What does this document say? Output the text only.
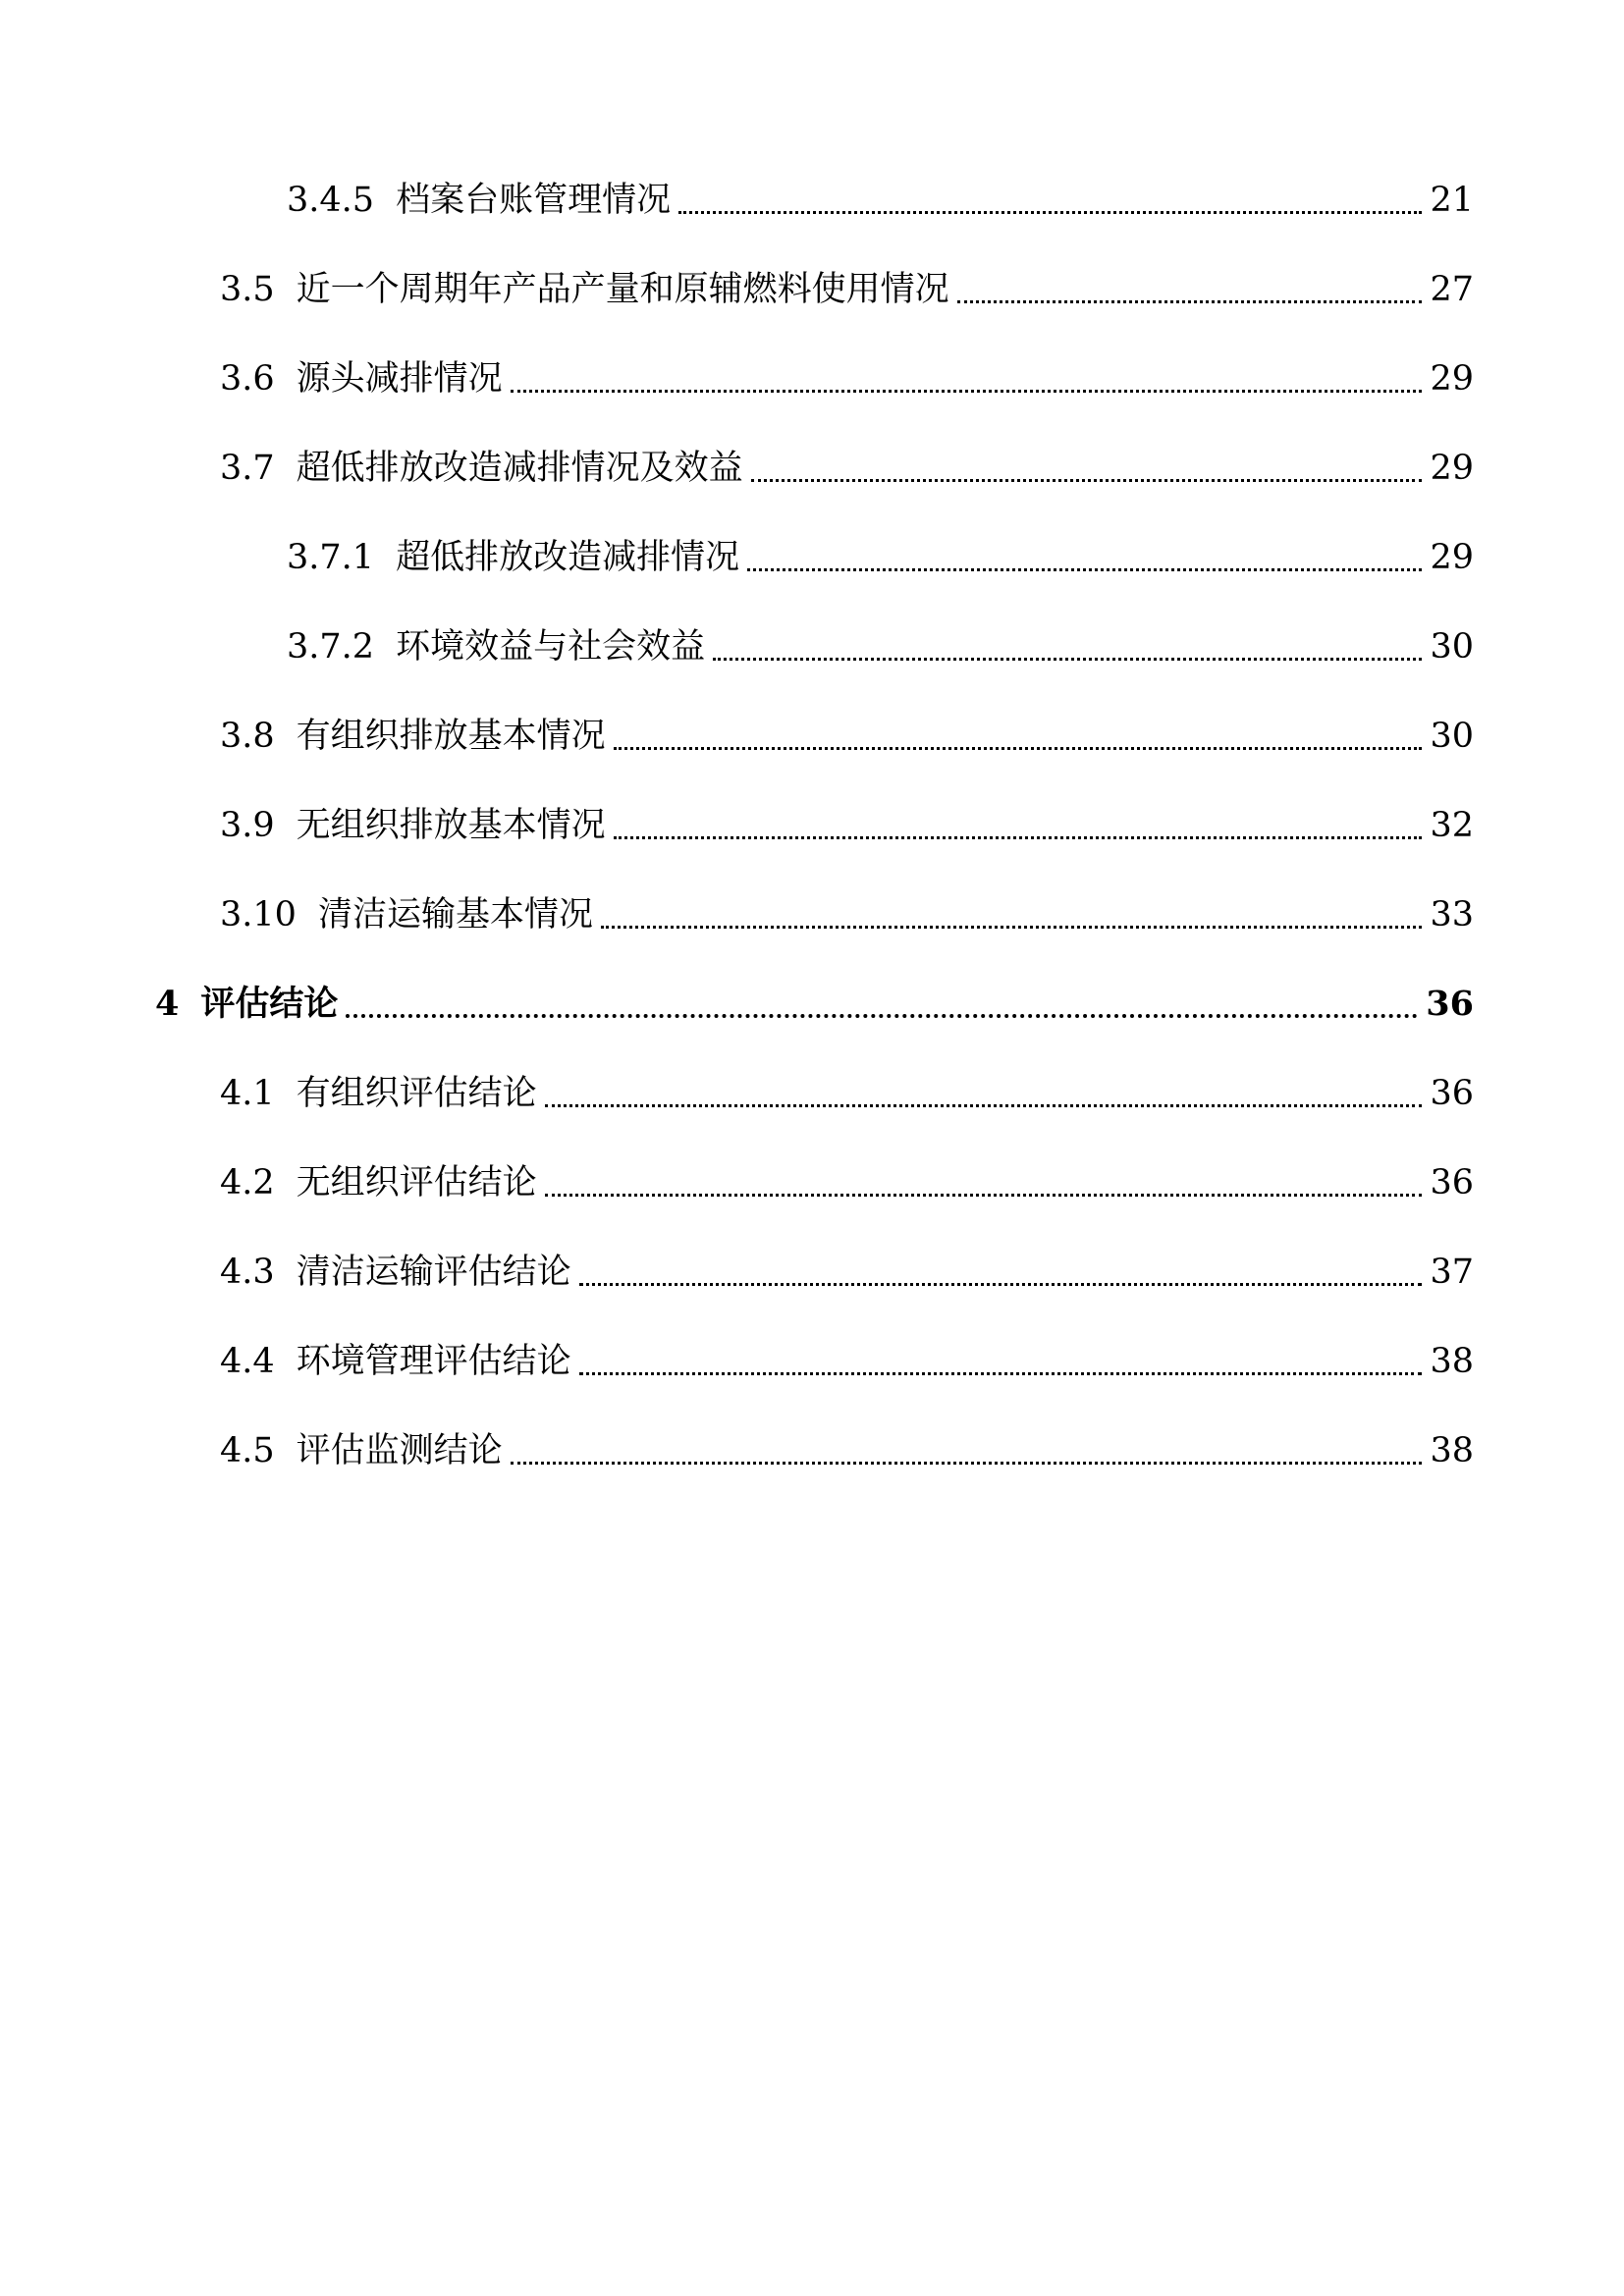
3.4.5 档案台账管理情况	21
3.5 近一个周期年产品产量和原辅燃料使用情况	27
3.6 源头减排情况	29
3.7 超低排放改造减排情况及效益	29
3.7.1 超低排放改造减排情况	29
3.7.2 环境效益与社会效益	30
3.8 有组织排放基本情况	30
3.9 无组织排放基本情况	32
3.10 清洁运输基本情况	33
4 评估结论	36
4.1 有组织评估结论	36
4.2 无组织评估结论	36
4.3 清洁运输评估结论	37
4.4 环境管理评估结论	38
4.5 评估监测结论	38
